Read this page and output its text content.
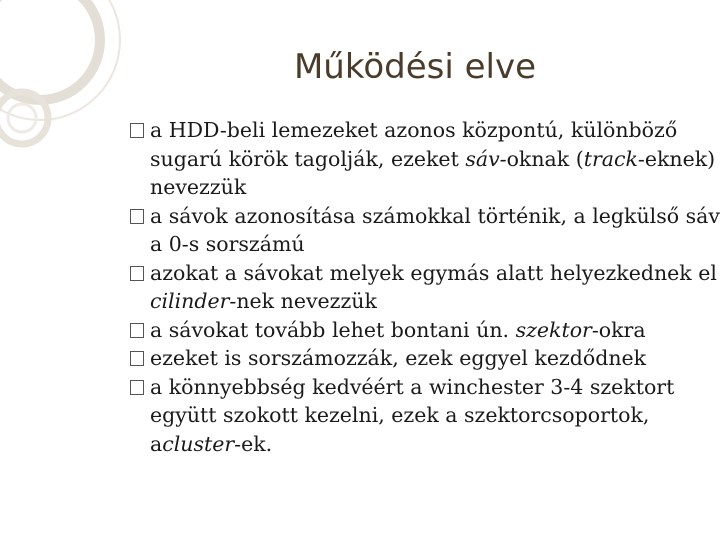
Működési elve
a HDD-beli lemezeket azonos központú, különböző sugarú körök tagolják, ezeket sáv-oknak (track-eknek) nevezzük
a sávok azonosítása számokkal történik, a legkülső sáv a 0-s sorszámú
azokat a sávokat melyek egymás alatt helyezkednek el cilinder-nek nevezzük
a sávokat tovább lehet bontani ún. szektor-okra
ezeket is sorszámozzák, ezek eggyel kezdődnek
a könnyebbség kedvéért a winchester 3-4 szektort együtt szokott kezelni, ezek a szektorcsoportok, acluster-ek.
